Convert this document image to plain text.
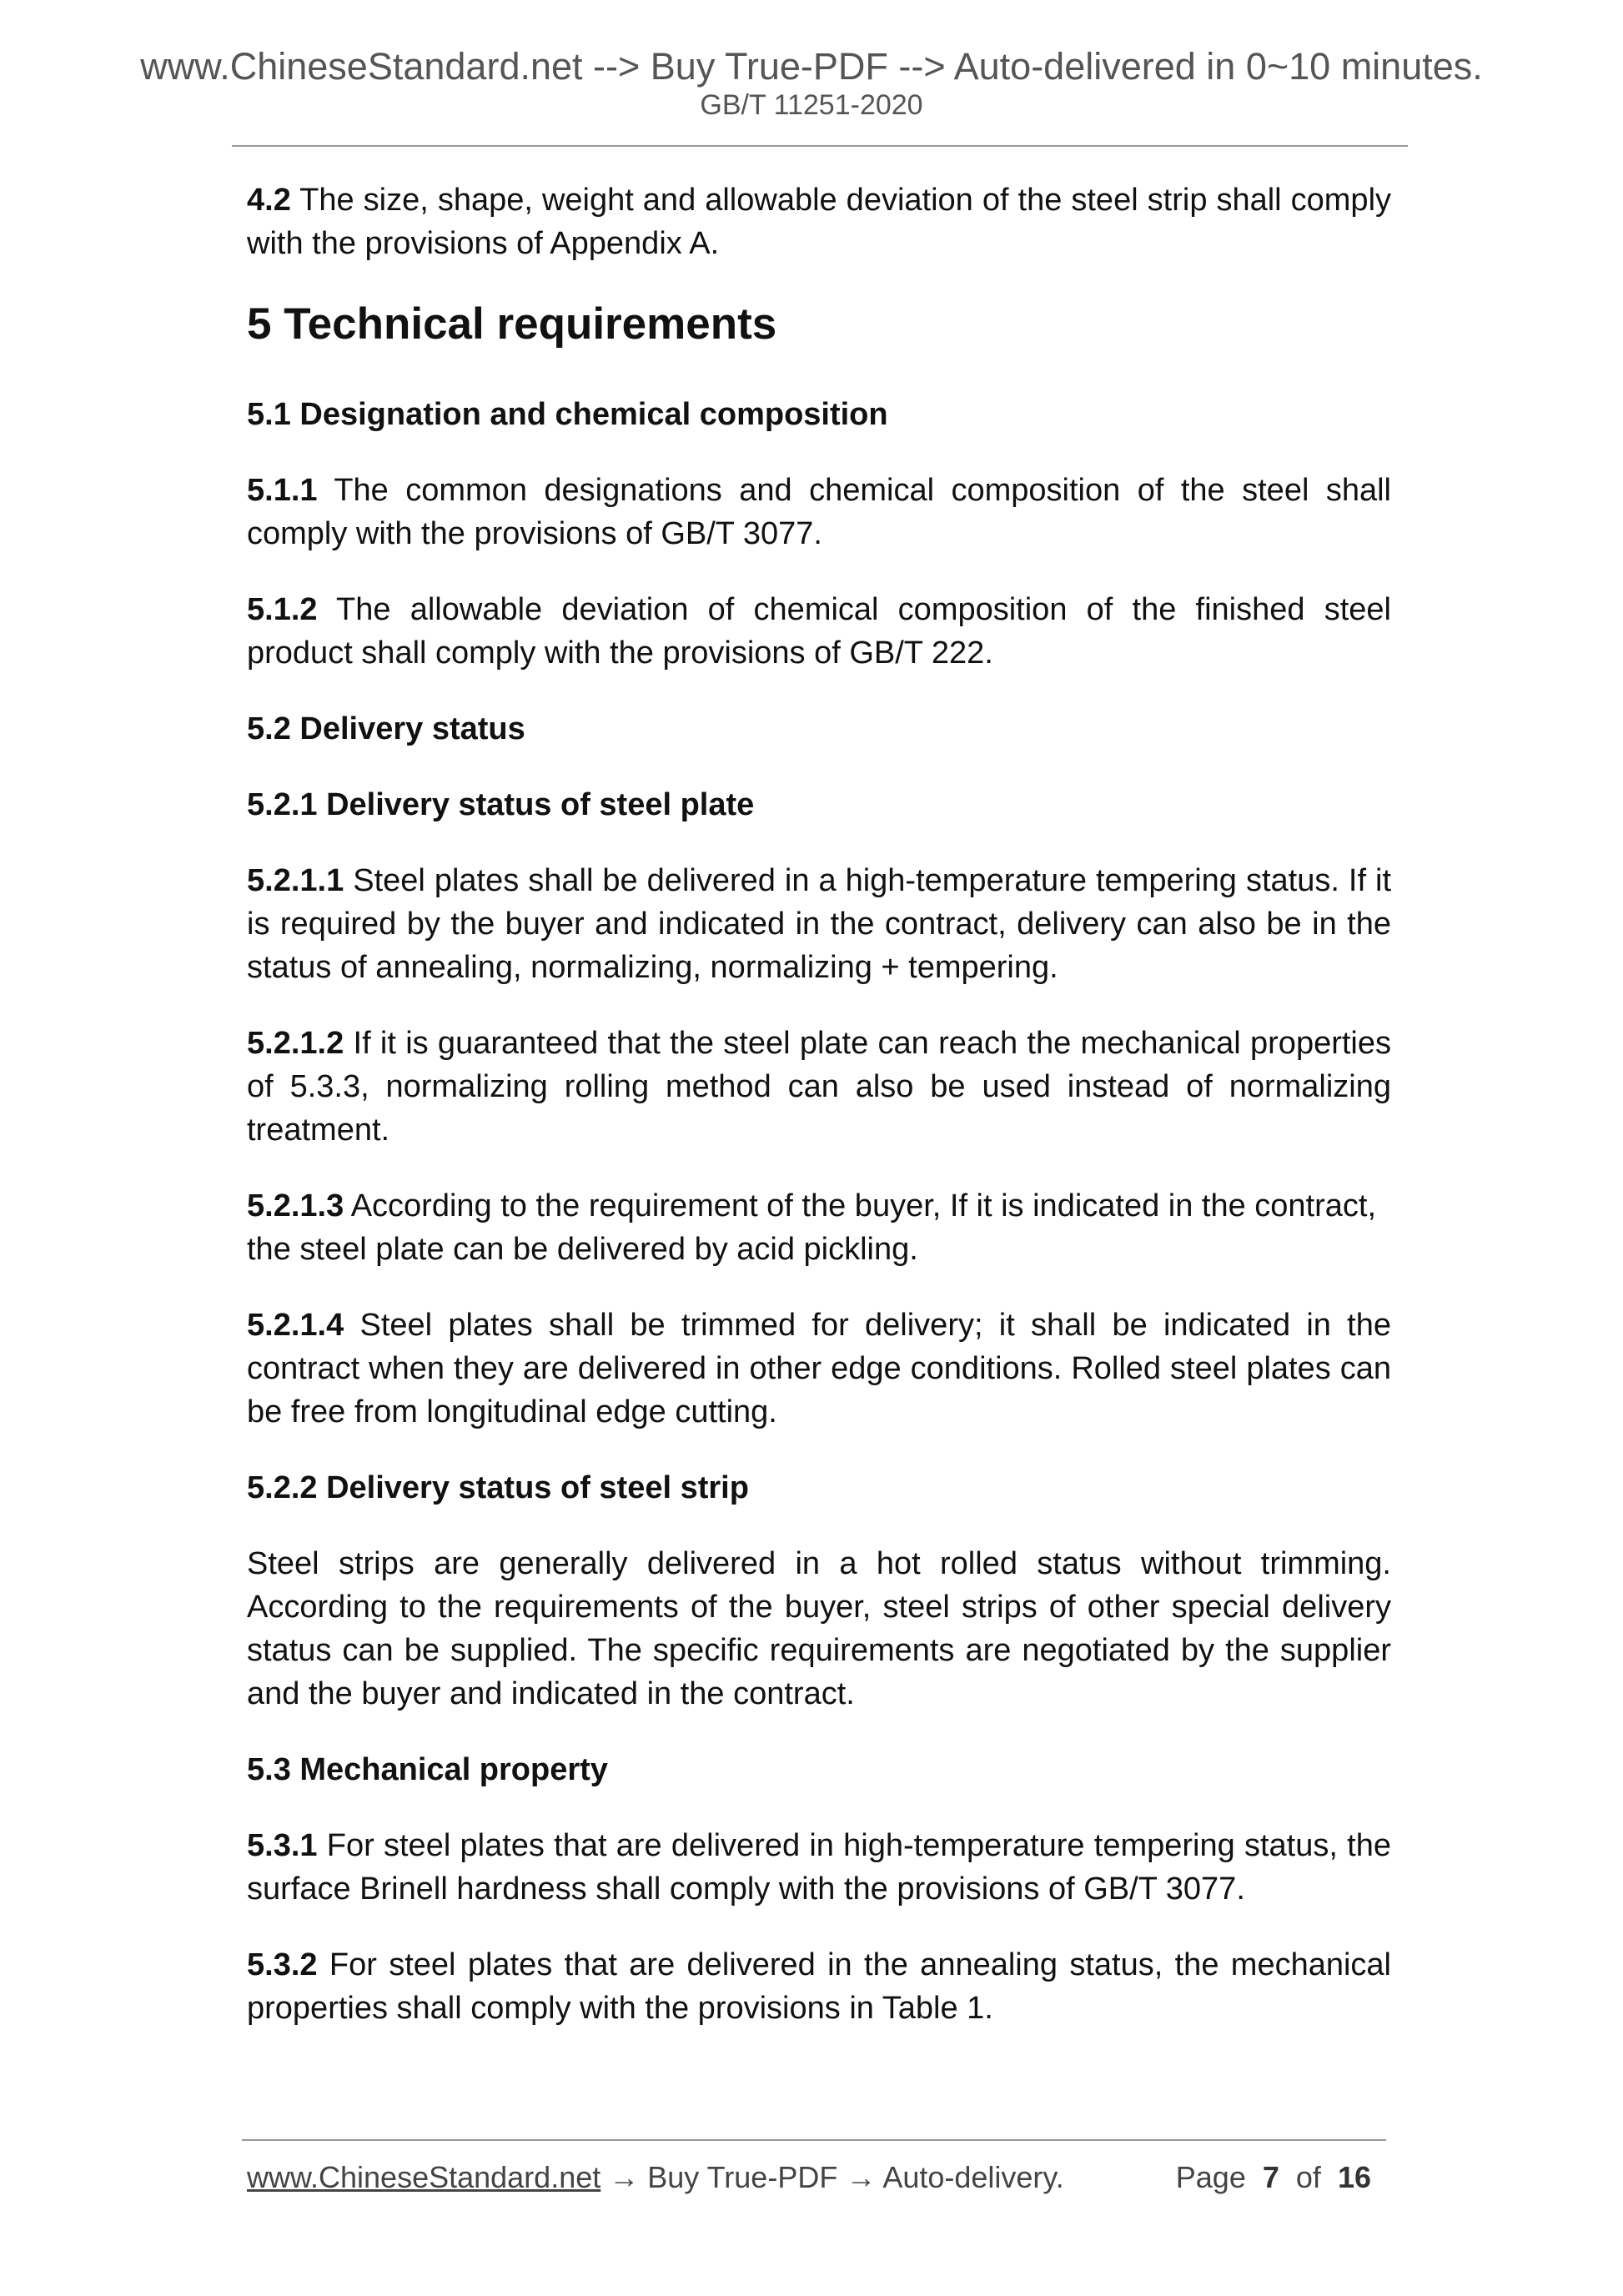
www.ChineseStandard.net --> Buy True-PDF --> Auto-delivered in 0~10 minutes.
GB/T 11251-2020

4.2 The size, shape, weight and allowable deviation of the steel strip shall comply with the provisions of Appendix A.

5 Technical requirements
5.1 Designation and chemical composition

5.1.1 The common designations and chemical composition of the steel shall comply with the provisions of GB/T 3077.

5.1.2 The allowable deviation of chemical composition of the finished steel product shall comply with the provisions of GB/T 222.

5.2 Delivery status
5.2.1 Delivery status of steel plate

5.2.1.1 Steel plates shall be delivered in a high-temperature tempering status. If it is required by the buyer and indicated in the contract, delivery can also be in the status of annealing, normalizing, normalizing + tempering.

5.2.1.2 If it is guaranteed that the steel plate can reach the mechanical properties of 5.3.3, normalizing rolling method can also be used instead of normalizing treatment.

5.2.1.3 According to the requirement of the buyer, If it is indicated in the contract, the steel plate can be delivered by acid pickling.

5.2.1.4 Steel plates shall be trimmed for delivery; it shall be indicated in the contract when they are delivered in other edge conditions. Rolled steel plates can be free from longitudinal edge cutting.

5.2.2 Delivery status of steel strip

Steel strips are generally delivered in a hot rolled status without trimming. According to the requirements of the buyer, steel strips of other special delivery status can be supplied. The specific requirements are negotiated by the supplier and the buyer and indicated in the contract.

5.3 Mechanical property

5.3.1 For steel plates that are delivered in high-temperature tempering status, the surface Brinell hardness shall comply with the provisions of GB/T 3077.

5.3.2 For steel plates that are delivered in the annealing status, the mechanical properties shall comply with the provisions in Table 1.

www.ChineseStandard.net → Buy True-PDF → Auto-delivery.	Page 7 of 16
